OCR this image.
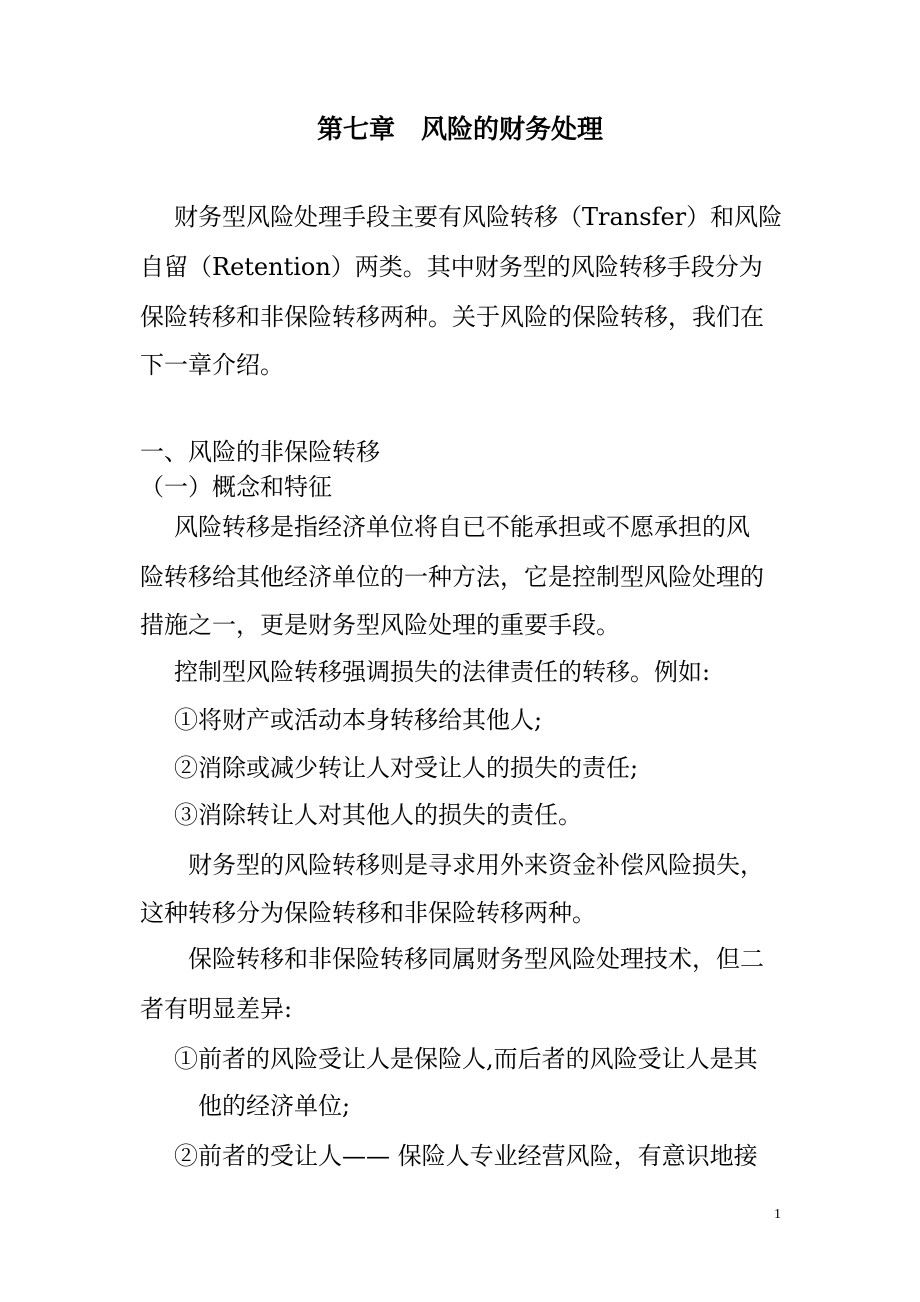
第七章　风险的财务处理
财务型风险处理手段主要有风险转移（Transfer）和风险
自留（Retention）两类。其中财务型的风险转移手段分为
保险转移和非保险转移两种。关于风险的保险转移，我们在
下一章介绍。
一、风险的非保险转移
（一）概念和特征
风险转移是指经济单位将自已不能承担或不愿承担的风
险转移给其他经济单位的一种方法，它是控制型风险处理的
措施之一，更是财务型风险处理的重要手段。
控制型风险转移强调损失的法律责任的转移。例如:
①将财产或活动本身转移给其他人;
②消除或减少转让人对受让人的损失的责任;
③消除转让人对其他人的损失的责任。
财务型的风险转移则是寻求用外来资金补偿风险损失，
这种转移分为保险转移和非保险转移两种。
保险转移和非保险转移同属财务型风险处理技术，但二
者有明显差异:
①前者的风险受让人是保险人,而后者的风险受让人是其
他的经济单位;
②前者的受让人—— 保险人专业经营风险，有意识地接
1
